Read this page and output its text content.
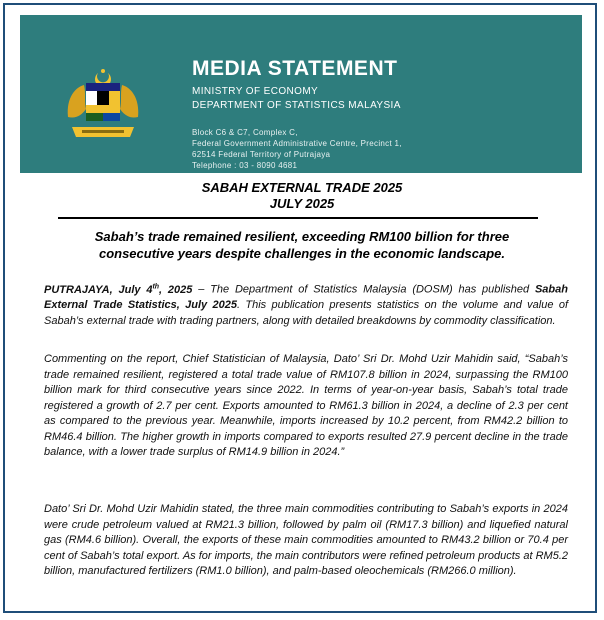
MEDIA STATEMENT
MINISTRY OF ECONOMY
DEPARTMENT OF STATISTICS MALAYSIA
Block C6 & C7, Complex C,
Federal Government Administrative Centre, Precinct 1,
62514 Federal Territory of Putrajaya
Telephone : 03 - 8090 4681
SABAH EXTERNAL TRADE 2025
JULY 2025
Sabah’s trade remained resilient, exceeding RM100 billion for three consecutive years despite challenges in the economic landscape.
PUTRAJAYA, July 4th, 2025 – The Department of Statistics Malaysia (DOSM) has published Sabah External Trade Statistics, July 2025. This publication presents statistics on the volume and value of Sabah’s external trade with trading partners, along with detailed breakdowns by commodity classification.
Commenting on the report, Chief Statistician of Malaysia, Dato’ Sri Dr. Mohd Uzir Mahidin said, “Sabah’s trade remained resilient, registered a total trade value of RM107.8 billion in 2024, surpassing the RM100 billion mark for third consecutive years since 2022. In terms of year-on-year basis, Sabah’s total trade registered a growth of 2.7 per cent. Exports amounted to RM61.3 billion in 2024, a decline of 2.3 per cent as compared to the previous year. Meanwhile, imports increased by 10.2 percent, from RM42.2 billion to RM46.4 billion. The higher growth in imports compared to exports resulted 27.9 percent decline in the trade balance, with a lower trade surplus of RM14.9 billion in 2024.”
Dato’ Sri Dr. Mohd Uzir Mahidin stated, the three main commodities contributing to Sabah’s exports in 2024 were crude petroleum valued at RM21.3 billion, followed by palm oil (RM17.3 billion) and liquefied natural gas (RM4.6 billion). Overall, the exports of these main commodities amounted to RM43.2 billion or 70.4 per cent of Sabah’s total export. As for imports, the main contributors were refined petroleum products at RM5.2 billion, manufactured fertilizers (RM1.0 billion), and palm-based oleochemicals (RM266.0 million).
